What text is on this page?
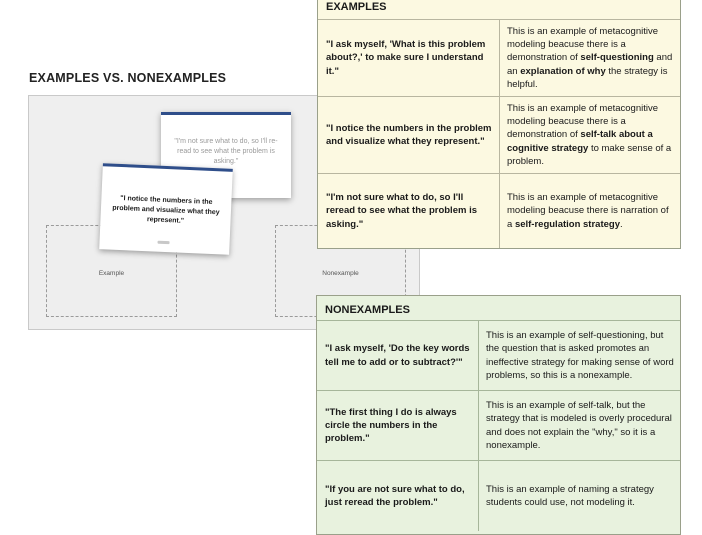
EXAMPLES VS. NONEXAMPLES
Example	Nonexample
"I'm not sure what to do, so I'll re-read to see what the problem is asking."
"I notice the numbers in the problem and visualize what they represent."
EXAMPLES
"I ask myself, 'What is this problem about?,' to make sure I understand it."
This is an example of metacognitive modeling beacuse there is a demonstration of self-questioning and an explanation of why the strategy is helpful.
"I notice the numbers in the problem and visualize what they represent."
This is an example of metacognitive modeling beacuse there is a demonstration of self-talk about a cognitive strategy to make sense of a problem.
"I'm not sure what to do, so I'll reread to see what the problem is asking."
This is an example of metacognitive modeling beacuse there is narration of a self-regulation strategy.
NONEXAMPLES
"I ask myself, 'Do the key words tell me to add or to subtract?'"
This is an example of self-questioning, but the question that is asked promotes an ineffective strategy for making sense of word problems, so this is a nonexample.
"The first thing I do is always circle the numbers in the problem."
This is an example of self-talk, but the strategy that is modeled is overly procedural and does not explain the "why," so it is a nonexample.
"If you are not sure what to do, just reread the problem."
This is an example of naming a strategy students could use, not modeling it.
